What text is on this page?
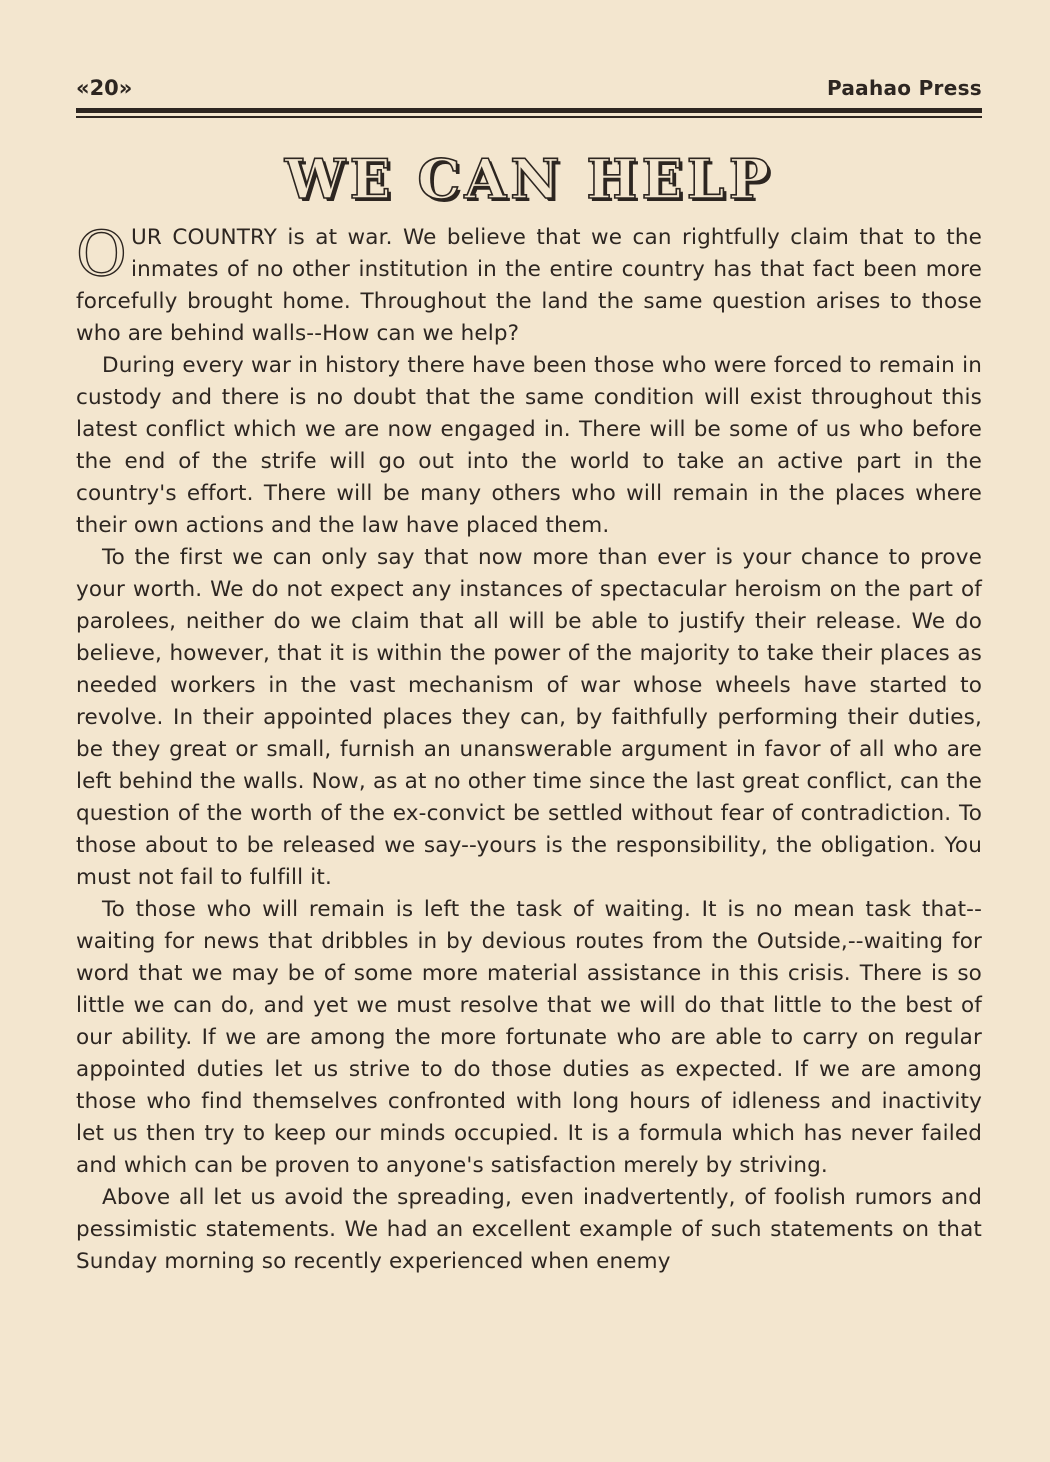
«20»	Paahao Press
WE CAN HELP

OUR COUNTRY is at war. We believe that we can rightfully claim that to the inmates of no other institution in the entire country has that fact been more forcefully brought home. Throughout the land the same question arises to those who are behind walls--How can we help?

During every war in history there have been those who were forced to remain in custody and there is no doubt that the same condition will exist throughout this latest conflict which we are now engaged in. There will be some of us who before the end of the strife will go out into the world to take an active part in the country's effort. There will be many others who will remain in the places where their own actions and the law have placed them.

To the first we can only say that now more than ever is your chance to prove your worth. We do not expect any instances of spectacular heroism on the part of parolees, neither do we claim that all will be able to justify their release. We do believe, however, that it is within the power of the majority to take their places as needed workers in the vast mechanism of war whose wheels have started to revolve. In their appointed places they can, by faithfully performing their duties, be they great or small, furnish an unanswerable argument in favor of all who are left behind the walls. Now, as at no other time since the last great conflict, can the question of the worth of the ex-convict be settled without fear of contradiction. To those about to be released we say--yours is the responsibility, the obligation. You must not fail to fulfill it.

To those who will remain is left the task of waiting. It is no mean task that--waiting for news that dribbles in by devious routes from the Outside,--waiting for word that we may be of some more material assistance in this crisis. There is so little we can do, and yet we must resolve that we will do that little to the best of our ability. If we are among the more fortunate who are able to carry on regular appointed duties let us strive to do those duties as expected. If we are among those who find themselves confronted with long hours of idleness and inactivity let us then try to keep our minds occupied. It is a formula which has never failed and which can be proven to anyone's satisfaction merely by striving.

Above all let us avoid the spreading, even inadvertently, of foolish rumors and pessimistic statements. We had an excellent example of such statements on that Sunday morning so recently experienced when enemy
